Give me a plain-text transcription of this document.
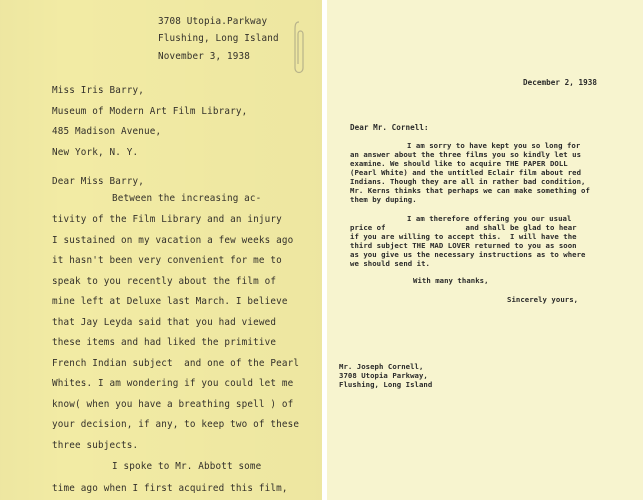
3708 Utopia.Parkway
Flushing, Long Island
November 3, 1938
Miss Iris Barry,
Museum of Modern Art Film Library,
485 Madison Avenue,
New York, N. Y.
Dear Miss Barry,
Between the increasing ac-
tivity of the Film Library and an injury
I sustained on my vacation a few weeks ago
it hasn't been very convenient for me to
speak to you recently about the film of
mine left at Deluxe last March. I believe
that Jay Leyda said that you had viewed
these items and had liked the primitive
French Indian subject  and one of the Pearl
Whites. I am wondering if you could let me
know( when you have a breathing spell ) of
your decision, if any, to keep two of these
three subjects.
I spoke to Mr. Abbott some
time ago when I first acquired this film,
December 2, 1938
Dear Mr. Cornell:
I am sorry to have kept you so long for
an answer about the three films you so kindly let us
examine. We should like to acquire THE PAPER DOLL
(Pearl White) and the untitled Eclair film about red
Indians. Though they are all in rather bad condition,
Mr. Kerns thinks that perhaps we can make something of
them by duping.
I am therefore offering you our usual
price of                  and shall be glad to hear
if you are willing to accept this.  I will have the
third subject THE MAD LOVER returned to you as soon
as you give us the necessary instructions as to where
we should send it.
With many thanks,
Sincerely yours,
Mr. Joseph Cornell,
3708 Utopia Parkway,
Flushing, Long Island
